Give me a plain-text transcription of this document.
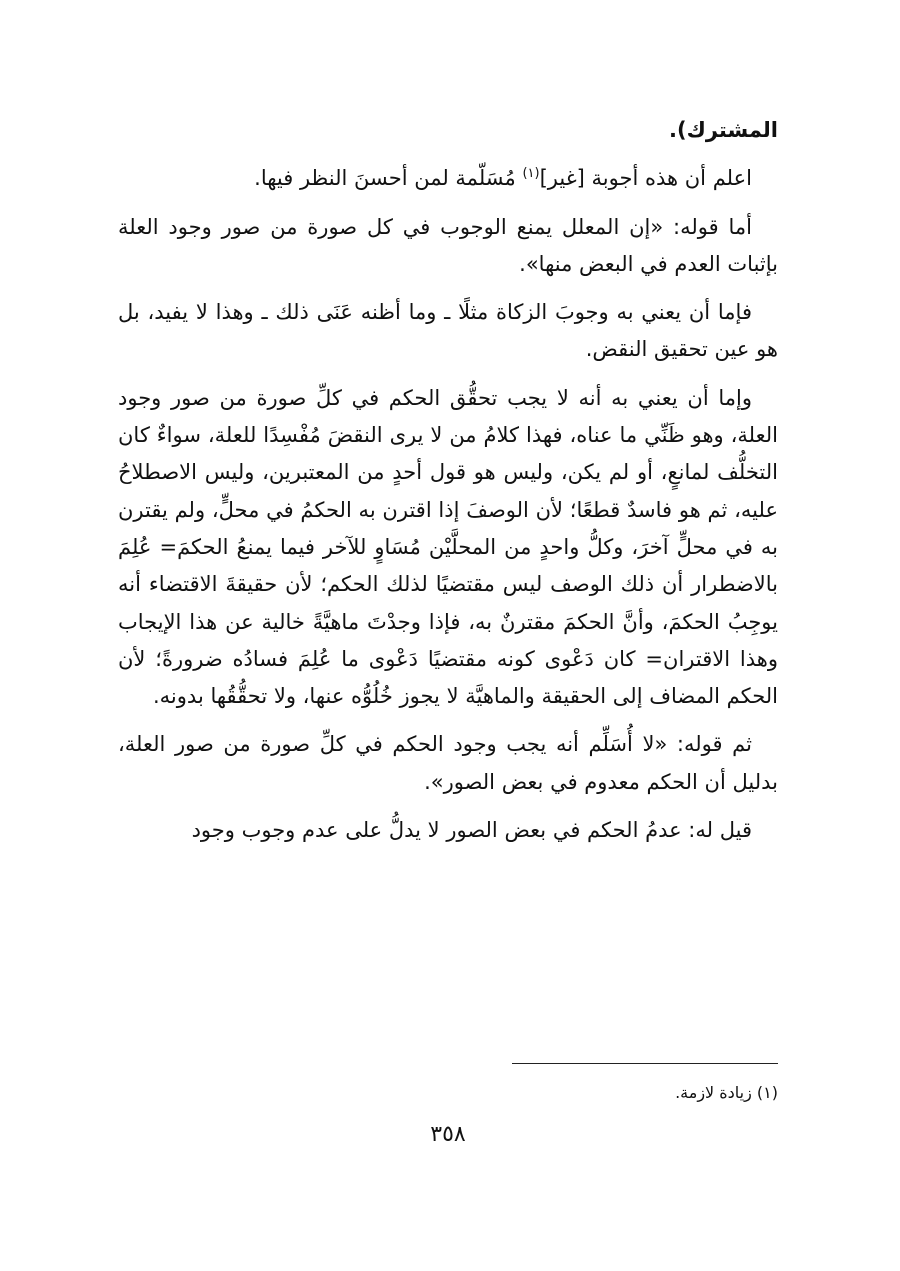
المشترك).

اعلم أن هذه أجوبة [غير]$^{(١)}$ مُسَلّمة لمن أحسنَ النظر فيها.

أما قوله: «إن المعلل يمنع الوجوب في كل صورة من صور وجود العلة بإثبات العدم في البعض منها».

فإما أن يعني به وجوبَ الزكاة مثلًا ـ وما أظنه عَنَى ذلك ـ وهذا لا يفيد، بل هو عين تحقيق النقض.

وإما أن يعني به أنه لا يجب تحقُّق الحكم في كلِّ صورة من صور وجود العلة، وهو ظَنِّي ما عناه، فهذا كلامُ من لا يرى النقضَ مُفْسِدًا للعلة، سواءٌ كان التخلُّف لمانعٍ، أو لم يكن، وليس هو قول أحدٍ من المعتبرين، وليس الاصطلاحُ عليه، ثم هو فاسدٌ قطعًا؛ لأن الوصفَ إذا اقترن به الحكمُ في محلٍّ، ولم يقترن به في محلٍّ آخرَ، وكلُّ واحدٍ من المحلَّيْن مُسَاوٍ للآخر فيما يمنعُ الحكمَ= عُلِمَ بالاضطرار أن ذلك الوصف ليس مقتضيًا لذلك الحكم؛ لأن حقيقةَ الاقتضاء أنه يوجِبُ الحكمَ، وأنَّ الحكمَ مقترنٌ به، فإذا وجدْتَ ماهيَّةً خالية عن هذا الإيجاب وهذا الاقتران= كان دَعْوى كونه مقتضيًا دَعْوى ما عُلِمَ فسادُه ضرورةً؛ لأن الحكم المضاف إلى الحقيقة والماهيَّة لا يجوز خُلُوُّه عنها، ولا تحقُّقُها بدونه.

ثم قوله: «لا أُسَلِّم أنه يجب وجود الحكم في كلِّ صورة من صور العلة، بدليل أن الحكم معدوم في بعض الصور».

قيل له: عدمُ الحكم في بعض الصور لا يدلُّ على عدم وجوب وجود

(١) زيادة لازمة.
٣٥٨
